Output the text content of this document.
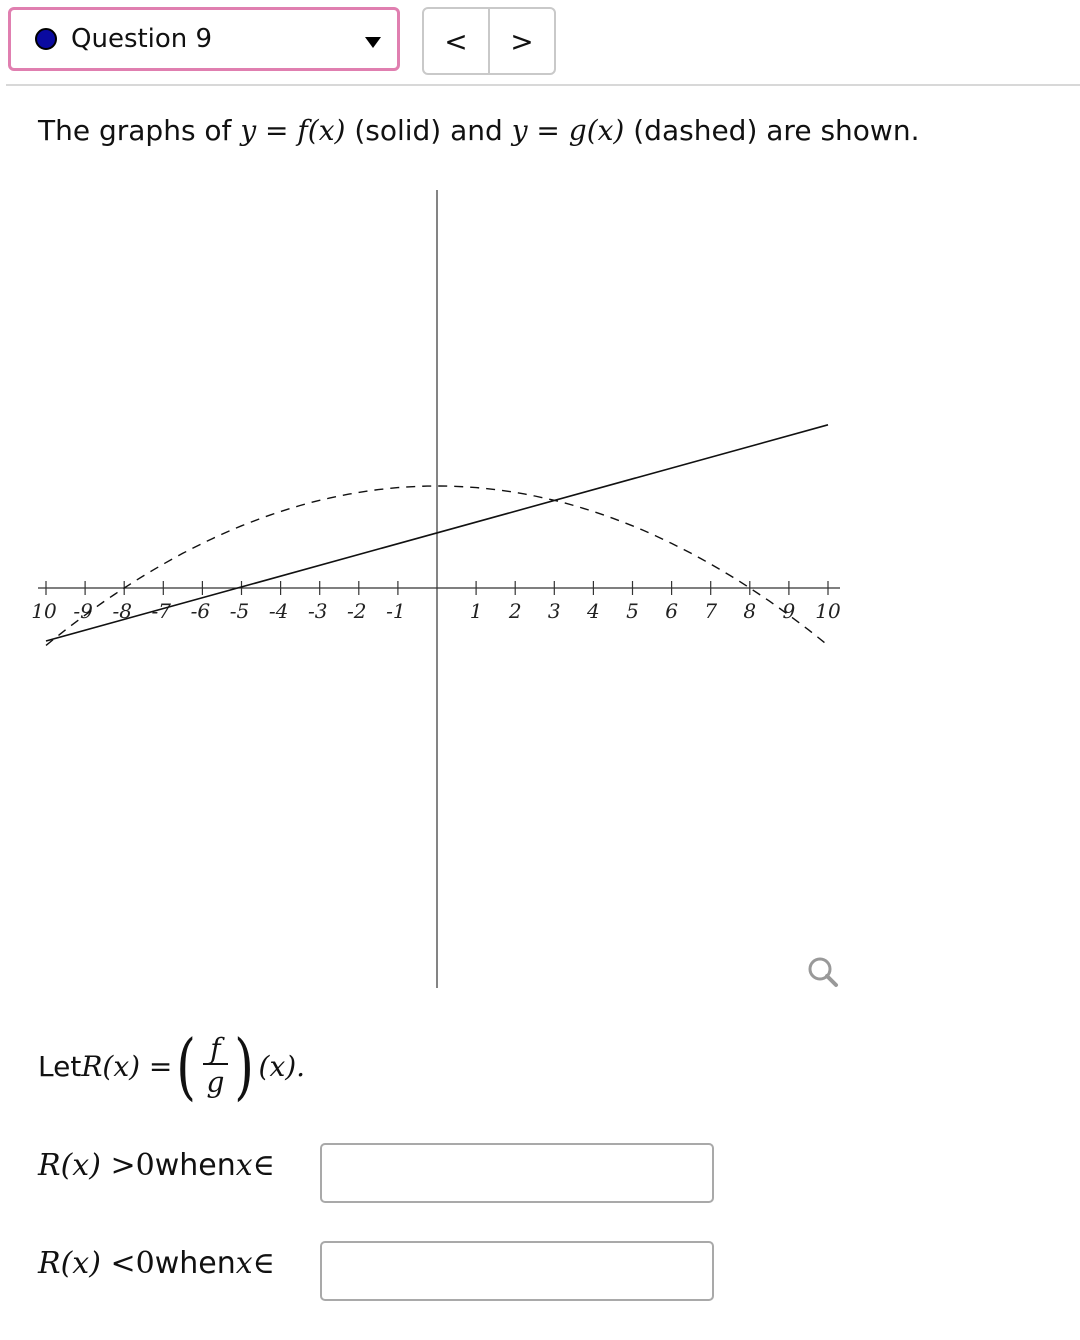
Question 9	<	>
The graphs of y = f(x) (solid) and y = g(x) (dashed) are shown.
10 -9 -8 -7 -6 -5 -4 -3 -2 -1	1 2 3 4 5 6 7 8 9 10
Let R(x) = ( $\frac{f}{g}$ ) (x).
R(x) > 0 when x ∈
R(x) < 0 when x ∈
